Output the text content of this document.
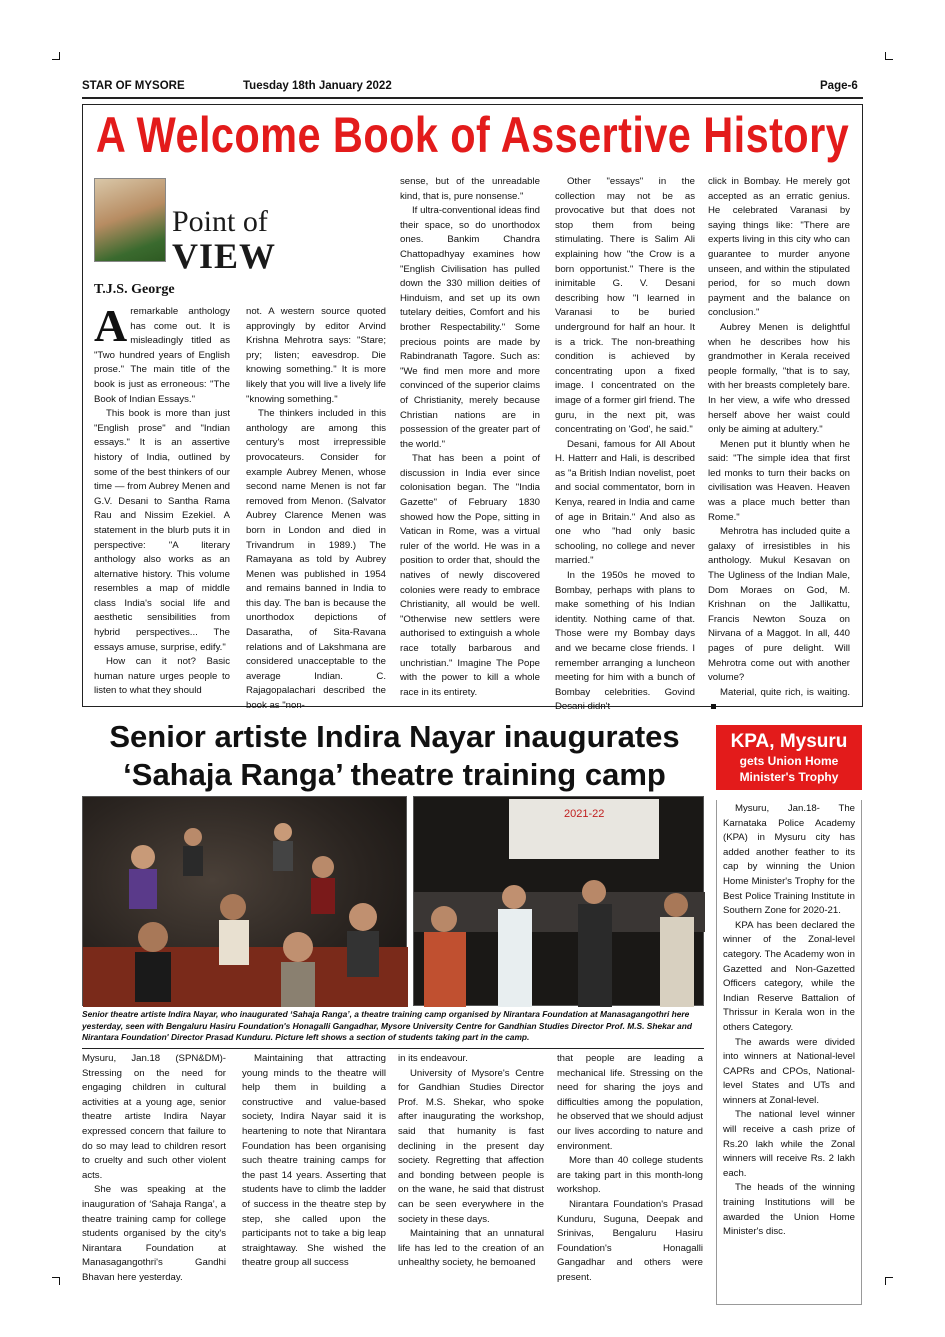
STAR OF MYSORE	Tuesday 18th January 2022	Page-6
A Welcome Book of Assertive History
Point of
VIEW
T.J.S. George

Aremarkable anthology has come out. It is misleadingly titled as "Two hundred years of English prose." The main title of the book is just as erroneous: "The Book of Indian Essays."

This book is more than just "English prose" and "Indian essays." It is an assertive history of India, outlined by some of the best thinkers of our time — from Aubrey Menen and G.V. Desani to Santha Rama Rau and Nissim Ezekiel. A statement in the blurb puts it in perspective: "A literary anthology also works as an alternative history. This volume resembles a map of middle class India's social life and aesthetic sensibilities from hybrid perspectives... The essays amuse, surprise, edify."

How can it not? Basic human nature urges people to listen to what they should

not. A western source quoted approvingly by editor Arvind Krishna Mehrotra says: "Stare; pry; listen; eavesdrop. Die knowing something." It is more likely that you will live a lively life "knowing something."

The thinkers included in this anthology are among this century's most irrepressible provocateurs. Consider for example Aubrey Menen, whose second name Menen is not far removed from Menon. (Salvator Aubrey Clarence Menen was born in London and died in Trivandrum in 1989.) The Ramayana as told by Aubrey Menen was published in 1954 and remains banned in India to this day. The ban is because the unorthodox depictions of Dasaratha, of Sita-Ravana relations and of Lakshmana are considered unacceptable to the average Indian. C. Rajagopalachari described the book as "non-

sense, but of the unreadable kind, that is, pure nonsense."

If ultra-conventional ideas find their space, so do unorthodox ones. Bankim Chandra Chattopadhyay examines how "English Civilisation has pulled down the 330 million deities of Hinduism, and set up its own tutelary deities, Comfort and his brother Respectability." Some precious points are made by Rabindranath Tagore. Such as: "We find men more and more convinced of the superior claims of Christianity, merely because Christian nations are in possession of the greater part of the world."

That has been a point of discussion in India ever since colonisation began. The "India Gazette" of February 1830 showed how the Pope, sitting in Vatican in Rome, was a virtual ruler of the world. He was in a position to order that, should the natives of newly discovered colonies were ready to embrace Christianity, all would be well. "Otherwise new settlers were authorised to extinguish a whole race totally barbarous and unchristian." Imagine The Pope with the power to kill a whole race in its entirety.

Other "essays" in the collection may not be as provocative but that does not stop them from being stimulating. There is Salim Ali explaining how "the Crow is a born opportunist." There is the inimitable G. V. Desani describing how "I learned in Varanasi to be buried underground for half an hour. It is a trick. The non-breathing condition is achieved by concentrating upon a fixed image. I concentrated on the image of a former girl friend. The guru, in the next pit, was concentrating on 'God', he said."

Desani, famous for All About H. Hatterr and Hali, is described as "a British Indian novelist, poet and social commentator, born in Kenya, reared in India and came of age in Britain." And also as one who "had only basic schooling, no college and never married."

In the 1950s he moved to Bombay, perhaps with plans to make something of his Indian identity. Nothing came of that. Those were my Bombay days and we became close friends. I remember arranging a luncheon meeting for him with a bunch of Bombay celebrities. Govind Desani didn't

click in Bombay. He merely got accepted as an erratic genius. He celebrated Varanasi by saying things like: "There are experts living in this city who can guarantee to murder anyone unseen, and within the stipulated period, for so much down payment and the balance on conclusion."

Aubrey Menen is delightful when he describes how his grandmother in Kerala received people formally, "that is to say, with her breasts completely bare. In her view, a wife who dressed herself above her waist could only be aiming at adultery."

Menen put it bluntly when he said: "The simple idea that first led monks to turn their backs on civilisation was Heaven. Heaven was a place much better than Rome."

Mehrotra has included quite a galaxy of irresistibles in his anthology. Mukul Kesavan on The Ugliness of the Indian Male, Dom Moraes on God, M. Krishnan on the Jallikattu, Francis Newton Souza on Nirvana of a Maggot. In all, 440 pages of pure delight. Will Mehrotra come out with another volume?

Material, quite rich, is waiting.

Senior artiste Indira Nayar inaugurates
‘Sahaja Ranga’ theatre training camp
2021-22
Senior theatre artiste Indira Nayar, who inaugurated ‘Sahaja Ranga’, a theatre training camp organised by Nirantara Foundation at Manasagangothri here yesterday, seen with Bengaluru Hasiru Foundation's Honagalli Gangadhar, Mysore University Centre for Gandhian Studies Director Prof. M.S. Shekar and Nirantara Foundation' Director Prasad Kunduru. Picture left shows a section of students taking part in the camp.

Mysuru, Jan.18 (SPN&DM)- Stressing on the need for engaging children in cultural activities at a young age, senior theatre artiste Indira Nayar expressed concern that failure to do so may lead to children resort to cruelty and such other violent acts.

She was speaking at the inauguration of ‘Sahaja Ranga’, a theatre training camp for college students organised by the city's Nirantara Foundation at Manasagangothri's Gandhi Bhavan here yesterday.

Maintaining that attracting young minds to the theatre will help them in building a constructive and value-based society, Indira Nayar said it is heartening to note that Nirantara Foundation has been organising such theatre training camps for the past 14 years. Asserting that students have to climb the ladder of success in the theatre step by step, she called upon the participants not to take a big leap straightaway. She wished the theatre group all success

in its endeavour.

University of Mysore's Centre for Gandhian Studies Director Prof. M.S. Shekar, who spoke after inaugurating the workshop, said that humanity is fast declining in the present day society. Regretting that affection and bonding between people is on the wane, he said that distrust can be seen everywhere in the society in these days.

Maintaining that an unnatural life has led to the creation of an unhealthy society, he bemoaned

that people are leading a mechanical life. Stressing on the need for sharing the joys and difficulties among the population, he observed that we should adjust our lives according to nature and environment.

More than 40 college students are taking part in this month-long workshop.

Nirantara Foundation's Prasad Kunduru, Suguna, Deepak and Srinivas, Bengaluru Hasiru Foundation's Honagalli Gangadhar and others were present.

KPA, Mysuru
gets Union Home Minister's Trophy

Mysuru, Jan.18- The Karnataka Police Academy (KPA) in Mysuru city has added another feather to its cap by winning the Union Home Minister's Trophy for the Best Police Training Institute in Southern Zone for 2020-21.

KPA has been declared the winner of the Zonal-level category. The Academy won in Gazetted and Non-Gazetted Officers category, while the Indian Reserve Battalion of Thrissur in Kerala won in the others Category.

The awards were divided into winners at National-level CAPRs and CPOs, National-level States and UTs and winners at Zonal-level.

The national level winner will receive a cash prize of Rs.20 lakh while the Zonal winners will receive Rs. 2 lakh each.

The heads of the winning training Institutions will be awarded the Union Home Minister's disc.
